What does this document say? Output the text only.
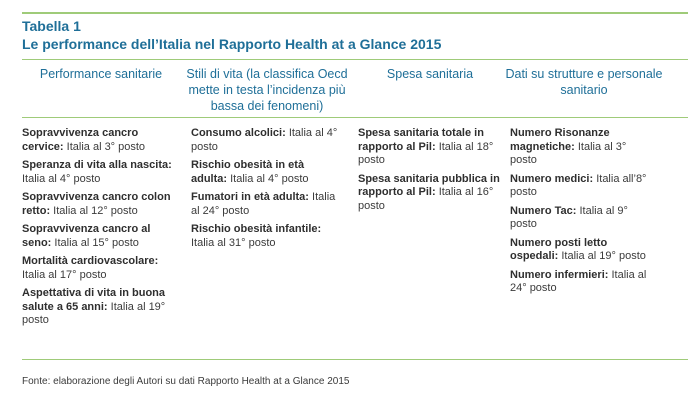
Tabella 1
Le performance dell’Italia nel Rapporto Health at a Glance 2015
Performance sanitarie	Stili di vita (la classifica Oecd mette in testa l’incidenza più bassa dei fenomeni)
Spesa sanitaria	Dati su strutture e personale sanitario

Sopravvivenza cancro cervice: Italia al 3° posto

Speranza di vita alla nascita: Italia al 4° posto

Sopravvivenza cancro colon retto: Italia al 12° posto

Sopravvivenza cancro al seno: Italia al 15° posto

Mortalità cardiovascolare: Italia al 17° posto

Aspettativa di vita in buona salute a 65 anni: Italia al 19° posto

Consumo alcolici: Italia al 4° posto

Rischio obesità in età adulta: Italia al 4° posto

Fumatori in età adulta: Italia al 24° posto

Rischio obesità infantile: Italia al 31° posto

Spesa sanitaria totale in rapporto al Pil: Italia al 18° posto

Spesa sanitaria pubblica in rapporto al Pil: Italia al 16° posto

Numero Risonanze magnetiche: Italia al 3° posto

Numero medici: Italia all’8° posto

Numero Tac: Italia al 9° posto

Numero posti letto ospedali: Italia al 19° posto

Numero infermieri: Italia al 24° posto

Fonte: elaborazione degli Autori su dati Rapporto Health at a Glance 2015
